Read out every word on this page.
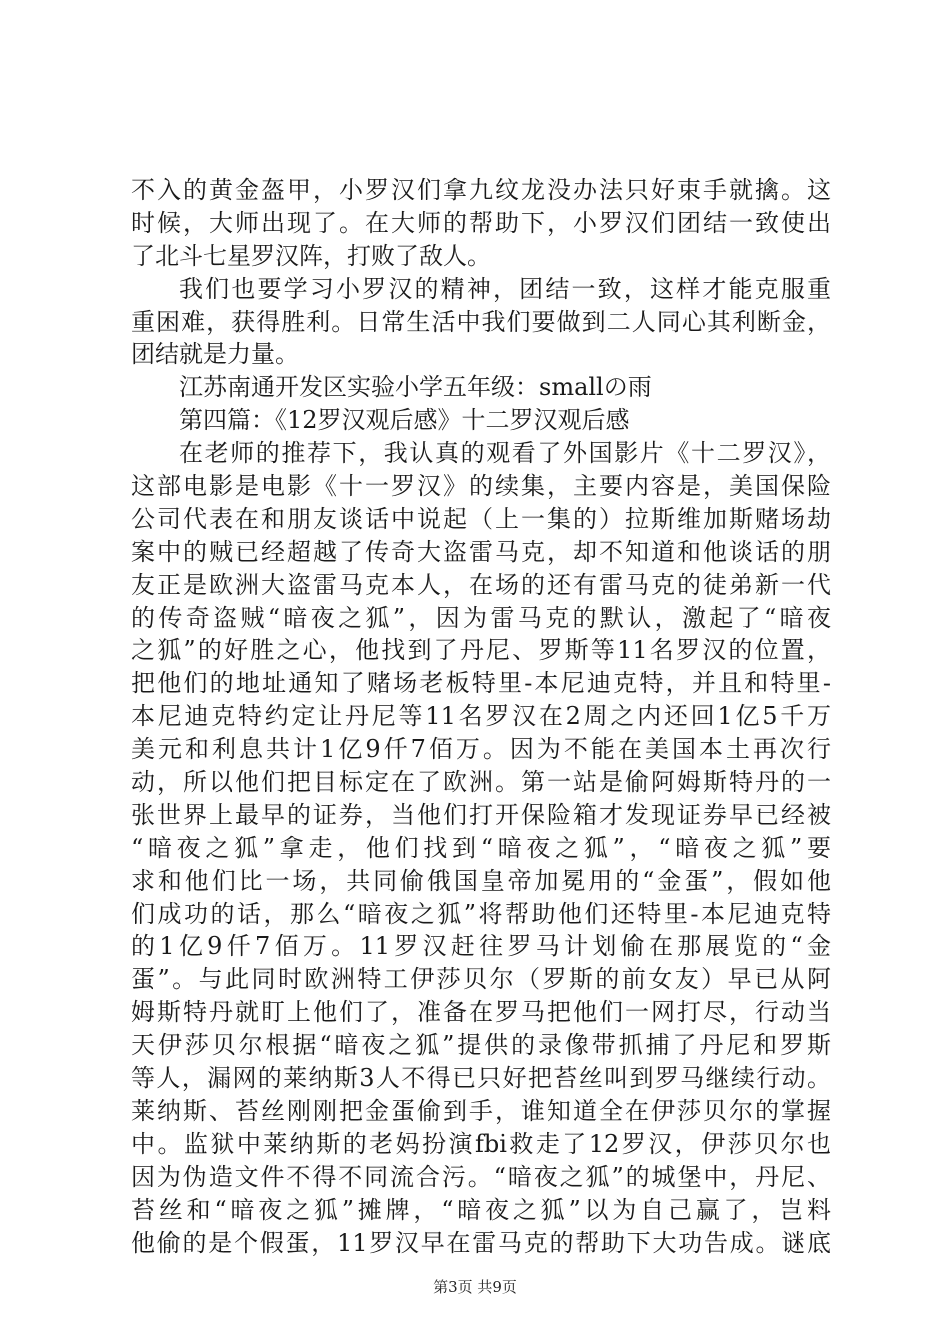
不入的黄金盔甲，小罗汉们拿九纹龙没办法只好束手就擒。这
时候，大师出现了。在大师的帮助下，小罗汉们团结一致使出
了北斗七星罗汉阵，打败了敌人。
我们也要学习小罗汉的精神，团结一致，这样才能克服重
重困难，获得胜利。日常生活中我们要做到二人同心其利断金，
团结就是力量。
江苏南通开发区实验小学五年级：smallの雨
第四篇：《12罗汉观后感》十二罗汉观后感
在老师的推荐下，我认真的观看了外国影片《十二罗汉》，
这部电影是电影《十一罗汉》的续集，主要内容是，美国保险
公司代表在和朋友谈话中说起（上一集的）拉斯维加斯赌场劫
案中的贼已经超越了传奇大盗雷马克，却不知道和他谈话的朋
友正是欧洲大盗雷马克本人，在场的还有雷马克的徒弟新一代
的传奇盗贼“暗夜之狐”，因为雷马克的默认，激起了“暗夜
之狐”的好胜之心，他找到了丹尼、罗斯等11名罗汉的位置，
把他们的地址通知了赌场老板特里-本尼迪克特，并且和特里-
本尼迪克特约定让丹尼等11名罗汉在2周之内还回1亿5千万
美元和利息共计1亿9仟7佰万。因为不能在美国本土再次行
动，所以他们把目标定在了欧洲。第一站是偷阿姆斯特丹的一
张世界上最早的证券，当他们打开保险箱才发现证券早已经被
“暗夜之狐”拿走，他们找到“暗夜之狐”，“暗夜之狐”要
求和他们比一场，共同偷俄国皇帝加冕用的“金蛋”，假如他
们成功的话，那么“暗夜之狐”将帮助他们还特里-本尼迪克特
的1亿9仟7佰万。11罗汉赶往罗马计划偷在那展览的“金
蛋”。与此同时欧洲特工伊莎贝尔（罗斯的前女友）早已从阿
姆斯特丹就盯上他们了，准备在罗马把他们一网打尽，行动当
天伊莎贝尔根据“暗夜之狐”提供的录像带抓捕了丹尼和罗斯
等人，漏网的莱纳斯3人不得已只好把苔丝叫到罗马继续行动。
莱纳斯、苔丝刚刚把金蛋偷到手，谁知道全在伊莎贝尔的掌握
中。监狱中莱纳斯的老妈扮演fbi救走了12罗汉，伊莎贝尔也
因为伪造文件不得不同流合污。“暗夜之狐”的城堡中，丹尼、
苔丝和“暗夜之狐”摊牌，“暗夜之狐”以为自己赢了，岂料
他偷的是个假蛋，11罗汉早在雷马克的帮助下大功告成。谜底
第3页 共9页
